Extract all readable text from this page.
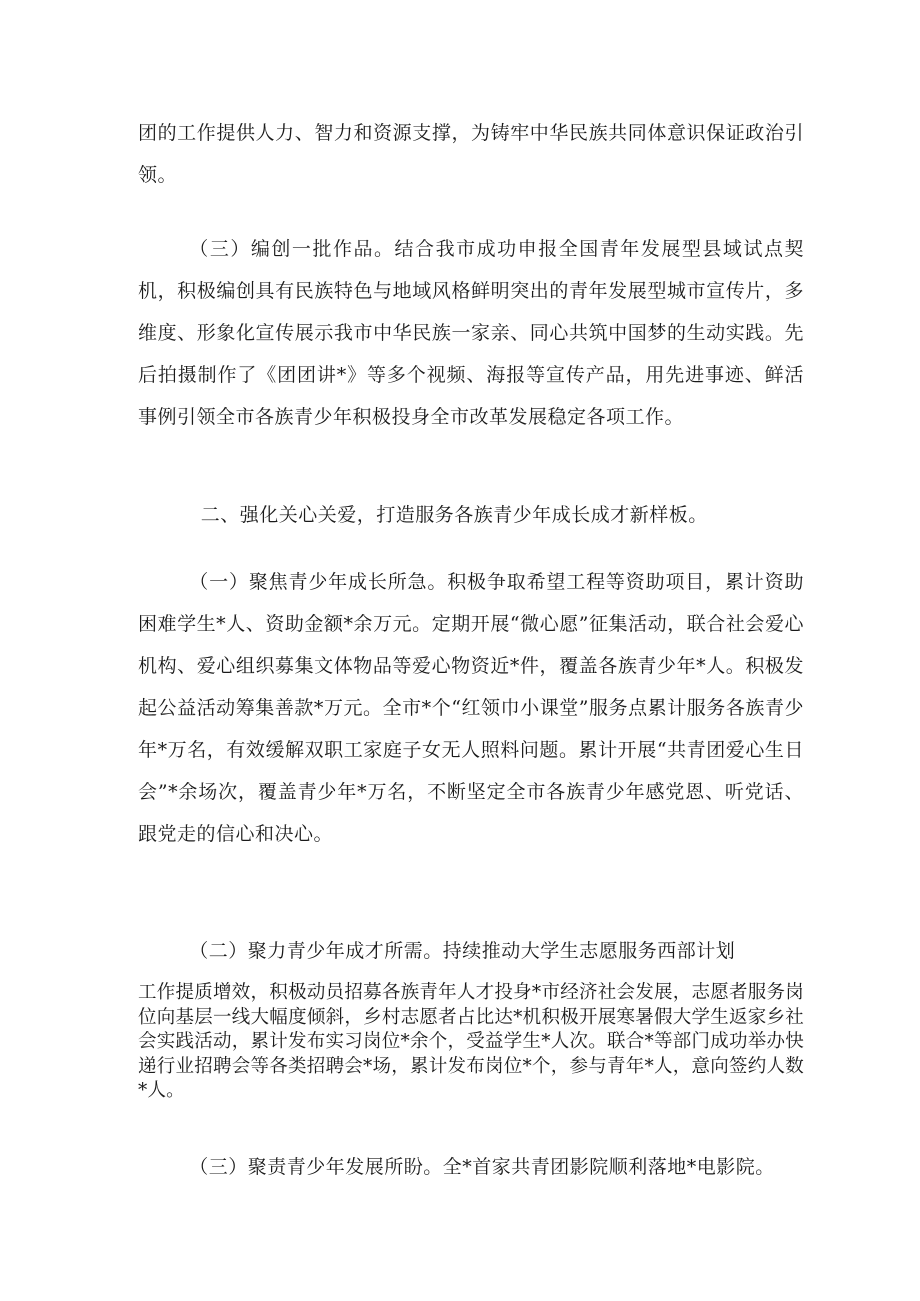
团的工作提供人力、智力和资源支撑，为铸牢中华民族共同体意识保证政治引领。

（三）编创一批作品。结合我市成功申报全国青年发展型县域试点契机，积极编创具有民族特色与地域风格鲜明突出的青年发展型城市宣传片，多维度、形象化宣传展示我市中华民族一家亲、同心共筑中国梦的生动实践。先后拍摄制作了《团团讲*》等多个视频、海报等宣传产品，用先进事迹、鲜活事例引领全市各族青少年积极投身全市改革发展稳定各项工作。

二、强化关心关爱，打造服务各族青少年成长成才新样板。

（一）聚焦青少年成长所急。积极争取希望工程等资助项目，累计资助困难学生*人、资助金额*余万元。定期开展“微心愿”征集活动，联合社会爱心机构、爱心组织募集文体物品等爱心物资近*件，覆盖各族青少年*人。积极发起公益活动筹集善款*万元。全市*个“红领巾小课堂”服务点累计服务各族青少年*万名，有效缓解双职工家庭子女无人照料问题。累计开展“共青团爱心生日会”*余场次，覆盖青少年*万名，不断坚定全市各族青少年感党恩、听党话、跟党走的信心和决心。

（二）聚力青少年成才所需。持续推动大学生志愿服务西部计划

工作提质增效，积极动员招募各族青年人才投身*市经济社会发展，志愿者服务岗位向基层一线大幅度倾斜，乡村志愿者占比达*机积极开展寒暑假大学生返家乡社会实践活动，累计发布实习岗位*余个，受益学生*人次。联合*等部门成功举办快递行业招聘会等各类招聘会*场，累计发布岗位*个，参与青年*人，意向签约人数*人。

（三）聚责青少年发展所盼。全*首家共青团影院顺利落地*电影院。
